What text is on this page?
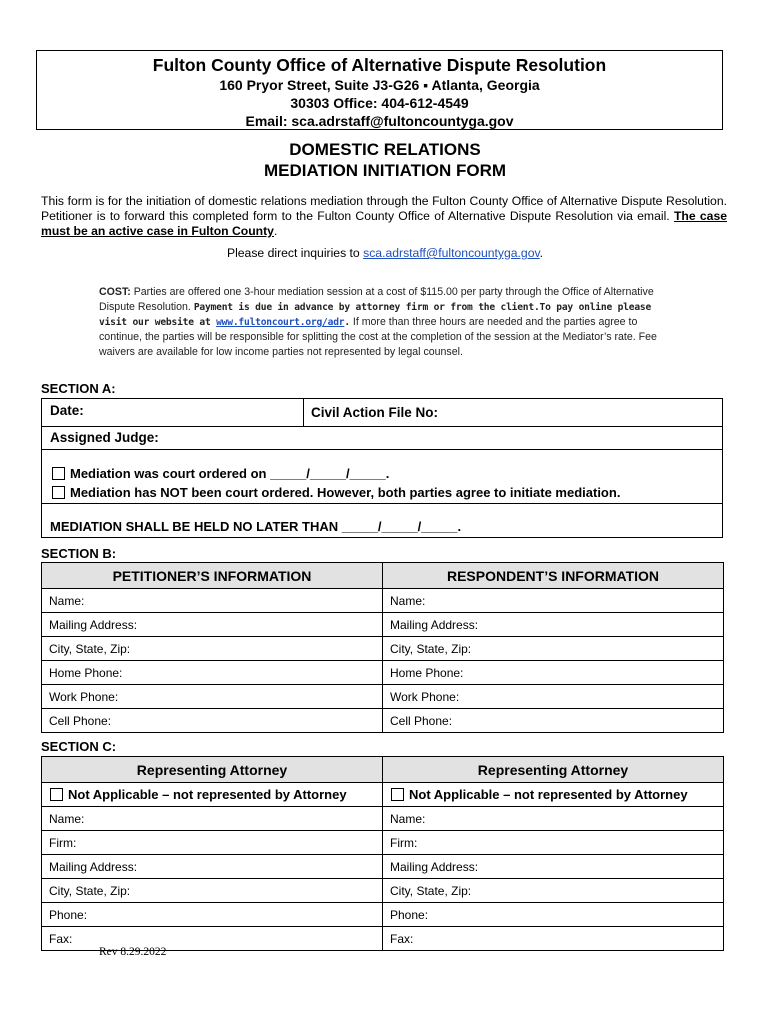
Fulton County Office of Alternative Dispute Resolution
160 Pryor Street, Suite J3-G26 ▪ Atlanta, Georgia
30303 Office: 404-612-4549
Email: sca.adrstaff@fultoncountyga.gov
DOMESTIC RELATIONS
MEDIATION INITIATION FORM
This form is for the initiation of domestic relations mediation through the Fulton County Office of Alternative Dispute Resolution. Petitioner is to forward this completed form to the Fulton County Office of Alternative Dispute Resolution via email. The case must be an active case in Fulton County.
Please direct inquiries to sca.adrstaff@fultoncountyga.gov.
COST: Parties are offered one 3-hour mediation session at a cost of $115.00 per party through the Office of Alternative Dispute Resolution. Payment is due in advance by attorney firm or from the client.To pay online please visit our website at www.fultoncourt.org/adr. If more than three hours are needed and the parties agree to continue, the parties will be responsible for splitting the cost at the completion of the session at the Mediator’s rate. Fee waivers are available for low income parties not represented by legal counsel.
SECTION A:
Date:	Civil Action File No:
Assigned Judge:
Mediation was court ordered on _____/_____/_____.
Mediation has NOT been court ordered. However, both parties agree to initiate mediation.
MEDIATION SHALL BE HELD NO LATER THAN _____/_____/_____.
SECTION B:
PETITIONER’S INFORMATION	RESPONDENT’S INFORMATION
Name:	Name:
Mailing Address:	Mailing Address:
City, State, Zip:	City, State, Zip:
Home Phone:	Home Phone:
Work Phone:	Work Phone:
Cell Phone:	Cell Phone:
SECTION C:
Representing Attorney	Representing Attorney
Not Applicable – not represented by Attorney	Not Applicable – not represented by Attorney
Name:	Name:
Firm:	Firm:
Mailing Address:	Mailing Address:
City, State, Zip:	City, State, Zip:
Phone:	Phone:
Fax:	Fax:
Rev 8.29.2022
